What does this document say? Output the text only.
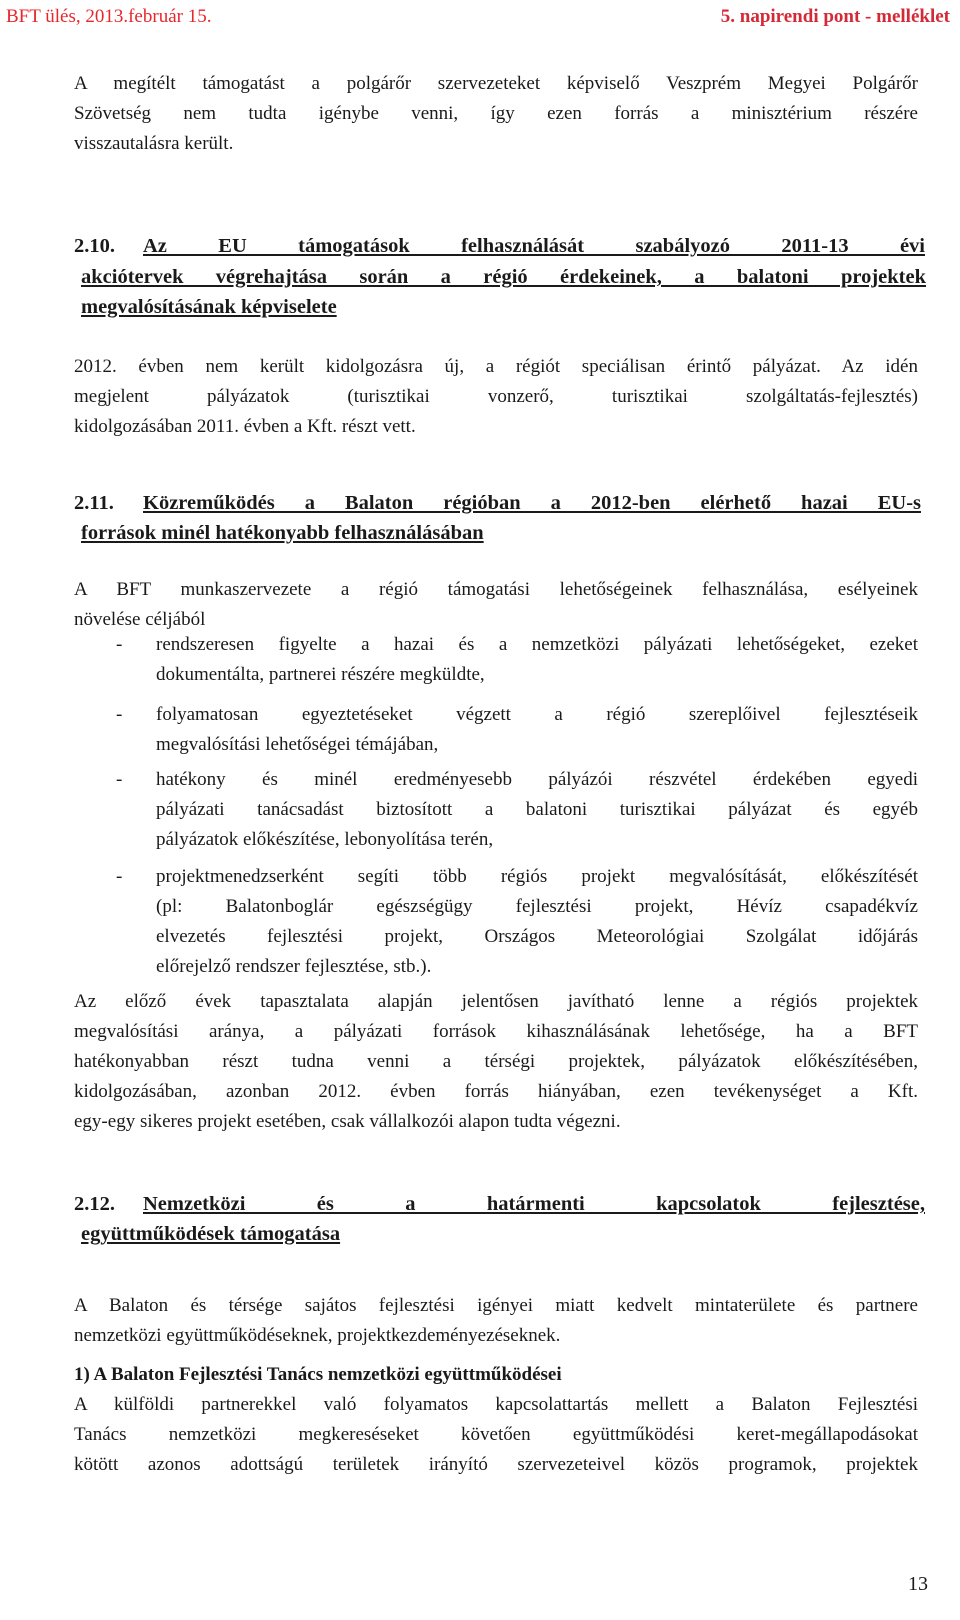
BFT ülés, 2013.február 15.	5. napirendi pont - melléklet
A megítélt támogatást a polgárőr szervezeteket képviselő Veszprém Megyei Polgárőr
Szövetség nem tudta igénybe venni, így ezen forrás a minisztérium részére
visszautalásra került.
2.10. Az EU támogatások felhasználását szabályozó 2011-13 évi
akciótervek végrehajtása során a régió érdekeinek, a balatoni projektek
megvalósításának képviselete
2012. évben nem került kidolgozásra új, a régiót speciálisan érintő pályázat. Az idén
megjelent pályázatok (turisztikai vonzerő, turisztikai szolgáltatás-fejlesztés)
kidolgozásában 2011. évben a Kft. részt vett.
2.11. Közreműködés a Balaton régióban a 2012-ben elérhető hazai EU-s
források minél hatékonyabb felhasználásában
A BFT munkaszervezete a régió támogatási lehetőségeinek felhasználása, esélyeinek
növelése céljából
- rendszeresen figyelte a hazai és a nemzetközi pályázati lehetőségeket, ezeket
dokumentálta, partnerei részére megküldte,
- folyamatosan egyeztetéseket végzett a régió szereplőivel fejlesztéseik
megvalósítási lehetőségei témájában,
- hatékony és minél eredményesebb pályázói részvétel érdekében egyedi
pályázati tanácsadást biztosított a balatoni turisztikai pályázat és egyéb
pályázatok előkészítése, lebonyolítása terén,
- projektmenedzserként segíti több régiós projekt megvalósítását, előkészítését
(pl: Balatonboglár egészségügy fejlesztési projekt, Hévíz csapadékvíz
elvezetés fejlesztési projekt, Országos Meteorológiai Szolgálat időjárás
előrejelző rendszer fejlesztése, stb.).
Az előző évek tapasztalata alapján jelentősen javítható lenne a régiós projektek
megvalósítási aránya, a pályázati források kihasználásának lehetősége, ha a BFT
hatékonyabban részt tudna venni a térségi projektek, pályázatok előkészítésében,
kidolgozásában, azonban 2012. évben forrás hiányában, ezen tevékenységet a Kft.
egy-egy sikeres projekt esetében, csak vállalkozói alapon tudta végezni.
2.12. Nemzetközi és a határmenti kapcsolatok fejlesztése,
együttműködések támogatása
A Balaton és térsége sajátos fejlesztési igényei miatt kedvelt mintaterülete és partnere
nemzetközi együttműködéseknek, projektkezdeményezéseknek.
1) A Balaton Fejlesztési Tanács nemzetközi együttműködései
A külföldi partnerekkel való folyamatos kapcsolattartás mellett a Balaton Fejlesztési
Tanács nemzetközi megkereséseket követően együttműködési keret-megállapodásokat
kötött azonos adottságú területek irányító szervezeteivel közös programok, projektek
13
